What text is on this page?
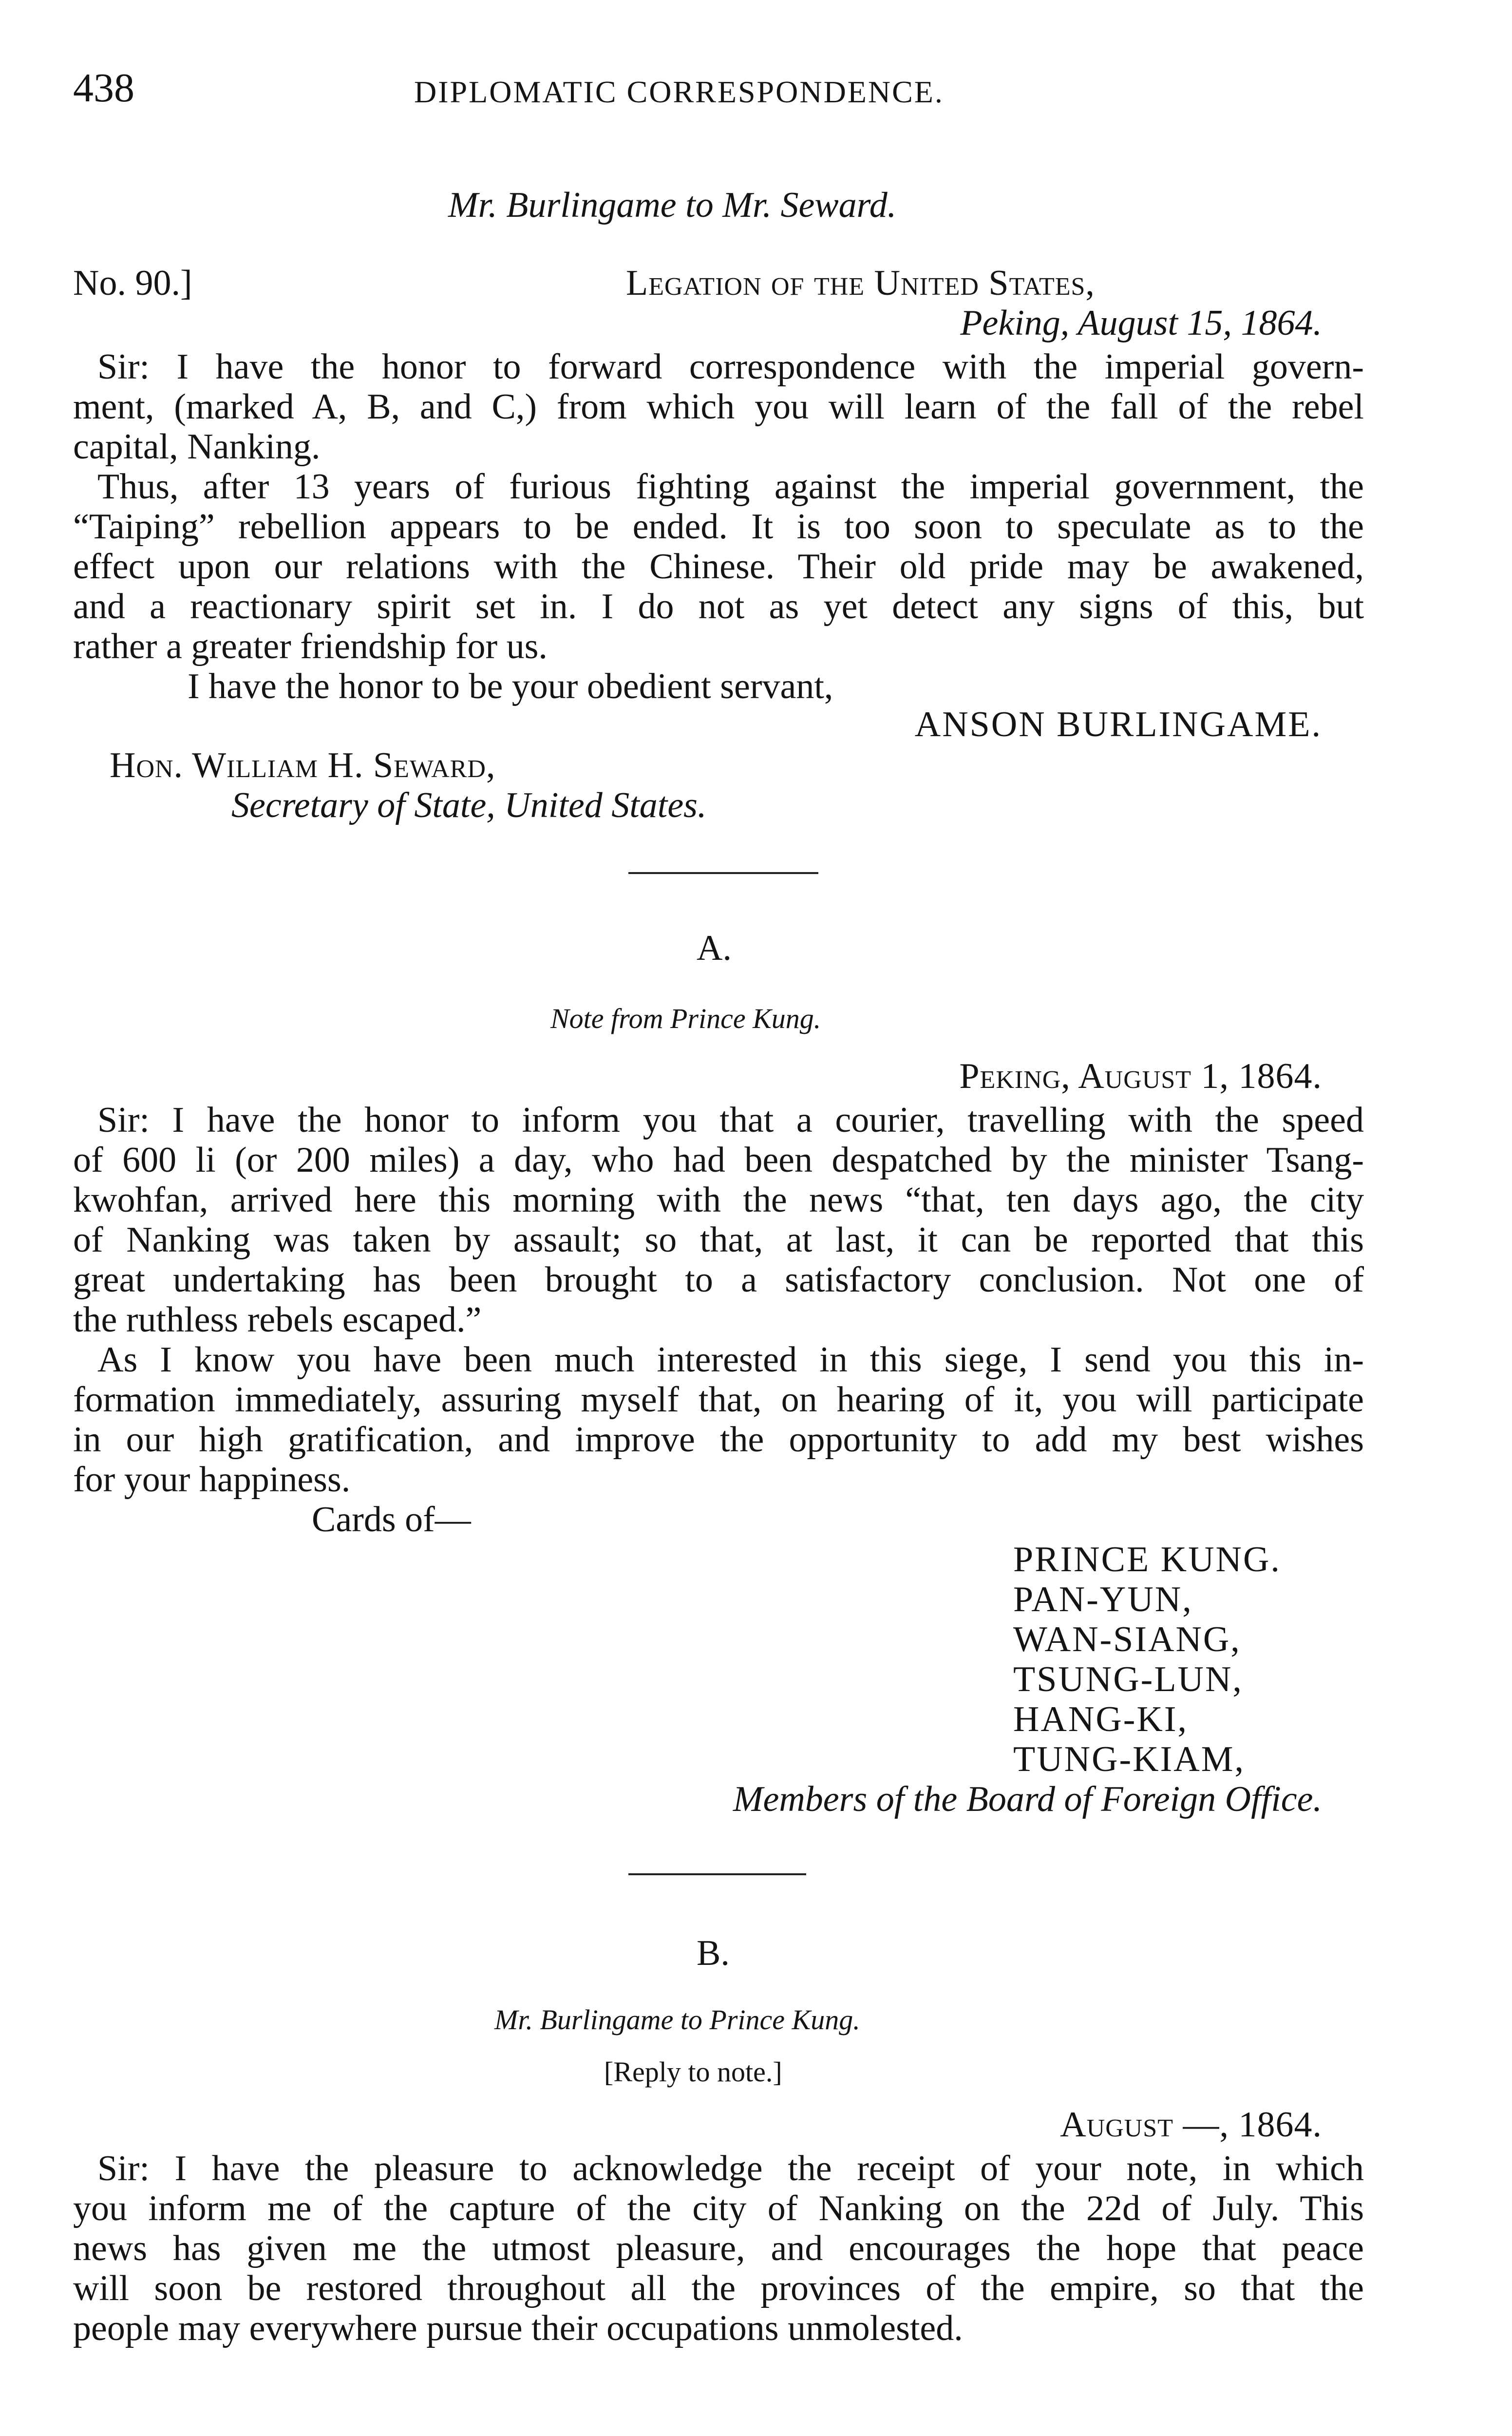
438	DIPLOMATIC CORRESPONDENCE.
Mr. Burlingame to Mr. Seward.
No. 90.]	Legation of the United States,
Peking, August 15, 1864.
Sir: I have the honor to forward correspondence with the imperial govern-
ment, (marked A, B, and C,) from which you will learn of the fall of the rebel
capital, Nanking.
Thus, after 13 years of furious fighting against the imperial government, the
“Taiping” rebellion appears to be ended. It is too soon to speculate as to the
effect upon our relations with the Chinese. Their old pride may be awakened,
and a reactionary spirit set in. I do not as yet detect any signs of this, but
rather a greater friendship for us.
I have the honor to be your obedient servant,
ANSON BURLINGAME.
Hon. William H. Seward,
Secretary of State, United States.
A.
Note from Prince Kung.
Peking, August 1, 1864.
Sir: I have the honor to inform you that a courier, travelling with the speed
of 600 li (or 200 miles) a day, who had been despatched by the minister Tsang-
kwohfan, arrived here this morning with the news “that, ten days ago, the city
of Nanking was taken by assault; so that, at last, it can be reported that this
great undertaking has been brought to a satisfactory conclusion. Not one of
the ruthless rebels escaped.”
As I know you have been much interested in this siege, I send you this in-
formation immediately, assuring myself that, on hearing of it, you will participate
in our high gratification, and improve the opportunity to add my best wishes
for your happiness.
Cards of—
PRINCE KUNG.
PAN-YUN,
WAN-SIANG,
TSUNG-LUN,
HANG-KI,
TUNG-KIAM,
Members of the Board of Foreign Office.
B.
Mr. Burlingame to Prince Kung.
[Reply to note.]
August —, 1864.
Sir: I have the pleasure to acknowledge the receipt of your note, in which
you inform me of the capture of the city of Nanking on the 22d of July. This
news has given me the utmost pleasure, and encourages the hope that peace
will soon be restored throughout all the provinces of the empire, so that the
people may everywhere pursue their occupations unmolested.
